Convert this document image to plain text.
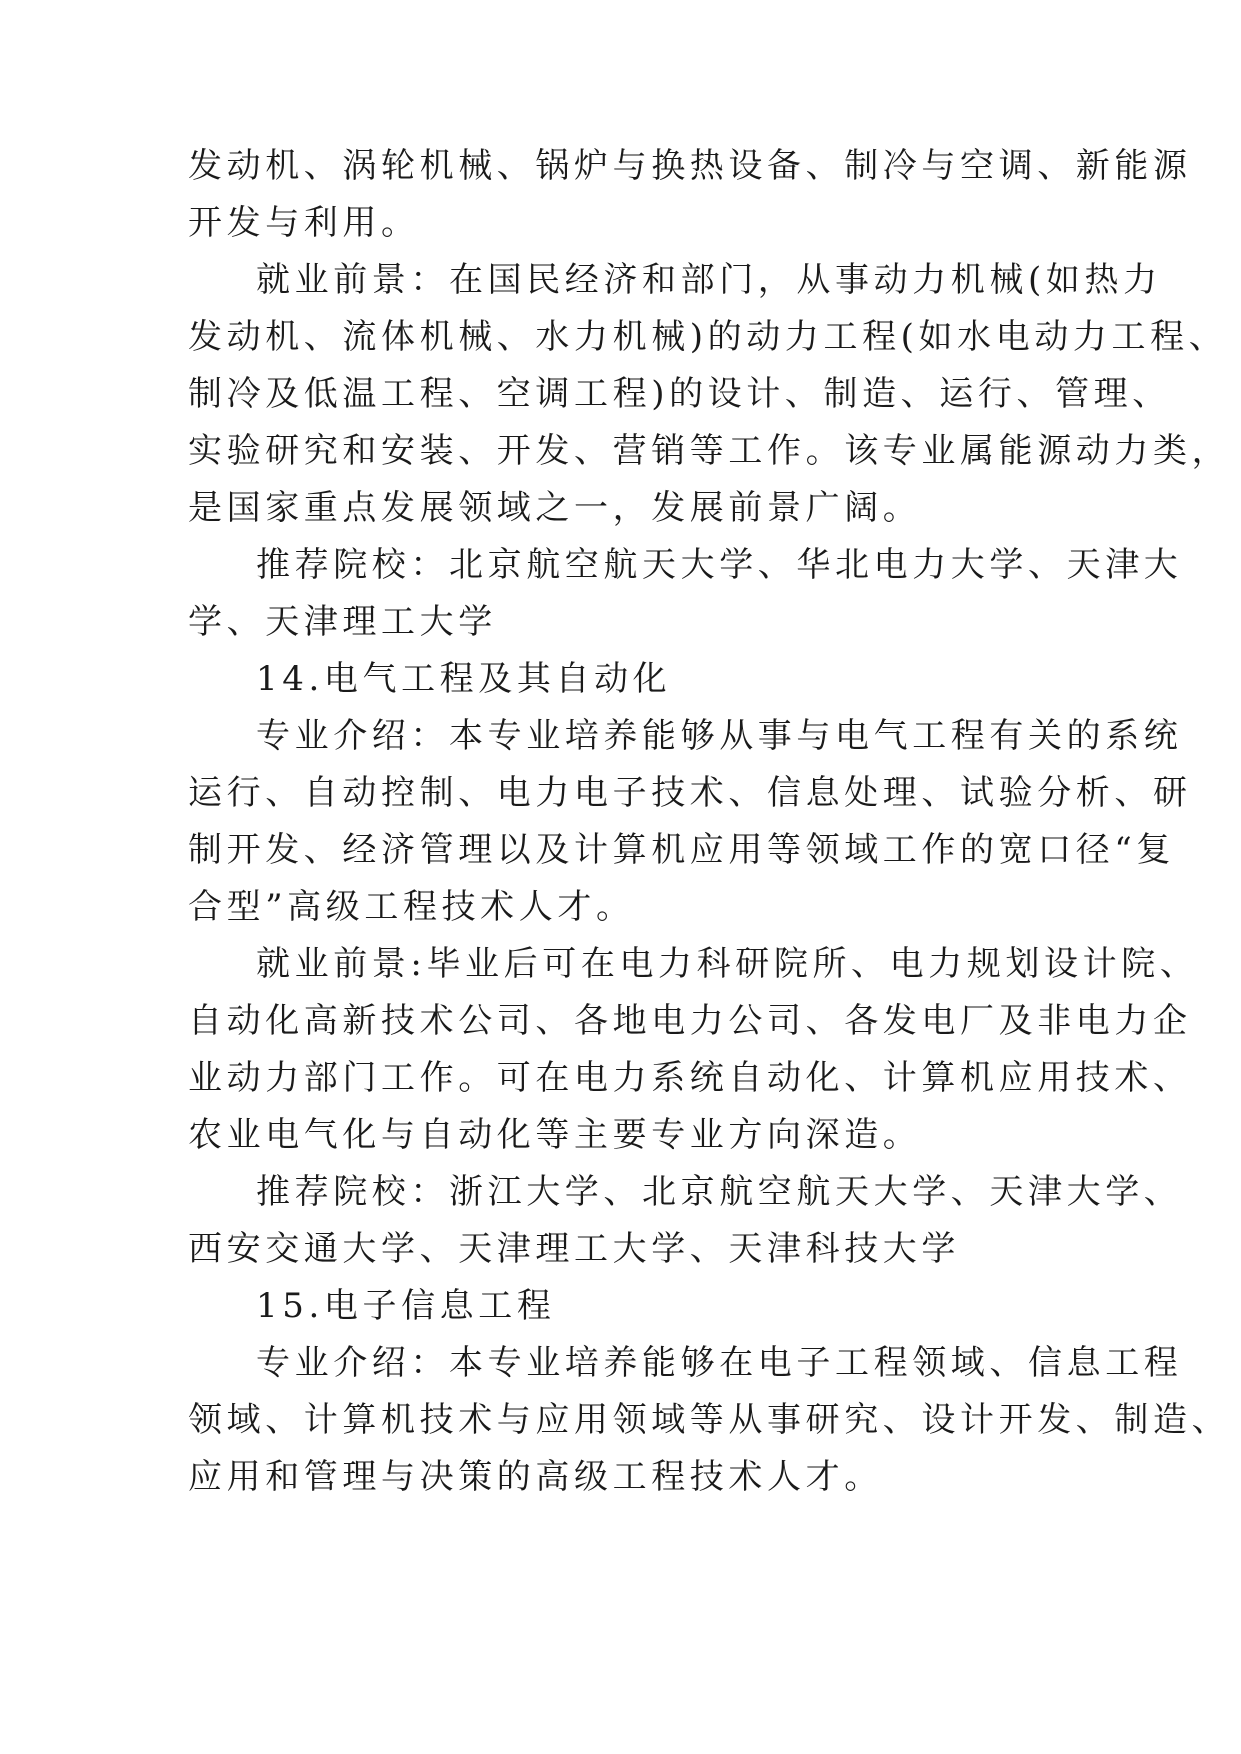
发动机、涡轮机械、锅炉与换热设备、制冷与空调、新能源
开发与利用。
就业前景：在国民经济和部门，从事动力机械(如热力
发动机、流体机械、水力机械)的动力工程(如水电动力工程、
制冷及低温工程、空调工程)的设计、制造、运行、管理、
实验研究和安装、开发、营销等工作。该专业属能源动力类，
是国家重点发展领域之一，发展前景广阔。
推荐院校：北京航空航天大学、华北电力大学、天津大
学、天津理工大学
14.电气工程及其自动化
专业介绍：本专业培养能够从事与电气工程有关的系统
运行、自动控制、电力电子技术、信息处理、试验分析、研
制开发、经济管理以及计算机应用等领域工作的宽口径“复
合型”高级工程技术人才。
就业前景:毕业后可在电力科研院所、电力规划设计院、
自动化高新技术公司、各地电力公司、各发电厂及非电力企
业动力部门工作。可在电力系统自动化、计算机应用技术、
农业电气化与自动化等主要专业方向深造。
推荐院校：浙江大学、北京航空航天大学、天津大学、
西安交通大学、天津理工大学、天津科技大学
15.电子信息工程
专业介绍：本专业培养能够在电子工程领域、信息工程
领域、计算机技术与应用领域等从事研究、设计开发、制造、
应用和管理与决策的高级工程技术人才。
